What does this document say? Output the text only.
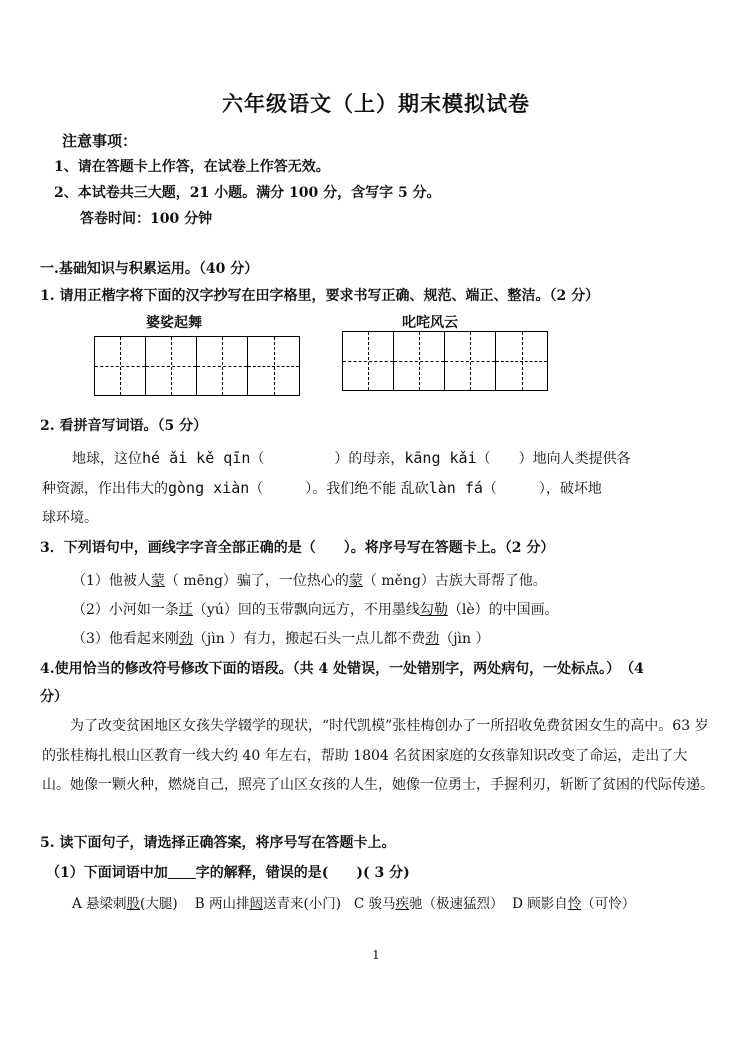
六年级语文（上）期末模拟试卷
注意事项：
1、请在答题卡上作答，在试卷上作答无效。
2、本试卷共三大题，21 小题。满分 100 分，含写字 5 分。
答卷时间：100 分钟
一.基础知识与积累运用。（40 分）
1. 请用正楷字将下面的汉字抄写在田字格里，要求书写正确、规范、端正、整洁。（2 分）
婆娑起舞	叱咤风云
2. 看拼音写词语。（5 分）
地球，这位hé ǎi kě qīn（　　　　　）的母亲，kāng kǎi（　　）地向人类提供各
种资源，作出伟大的gòng xiàn（　　　）。我们绝不能 乱砍làn fá（　　　），破坏地
球环境。
3．下列语句中，画线字字音全部正确的是（　　）。将序号写在答题卡上。（2 分）
（1）他被人蒙（ mēng）骗了，一位热心的蒙（ měng）古族大哥帮了他。
（2）小河如一条迂（yú）回的玉带飘向远方，不用墨线勾勒（lè）的中国画。
（3）他看起来刚劲（jìn ）有力，搬起石头一点儿都不费劲（jìn ）
4.使用恰当的修改符号修改下面的语段。（共 4 处错误，一处错别字，两处病句，一处标点。）　（4
分）

为了改变贫困地区女孩失学辍学的现状，“时代凯模”张桂梅创办了一所招收免费贫困女生的高中。63 岁的张桂梅扎根山区教育一线大约 40 年左右，帮助 1804 名贫困家庭的女孩靠知识改变了命运，走出了大山。她像一颗火种，燃烧自己，照亮了山区女孩的人生，她像一位勇士，手握利刃，斩断了贫困的代际传递。

5. 读下面句子，请选择正确答案，将序号写在答题卡上。
（1）下面词语中加　　 字的解释，错误的是(　　)( 3 分)
A 悬梁刺股(大腿) B 两山排闼送青来(小门) C 骏马疾驰（极速猛烈） D 顾影自怜（可怜）
1
